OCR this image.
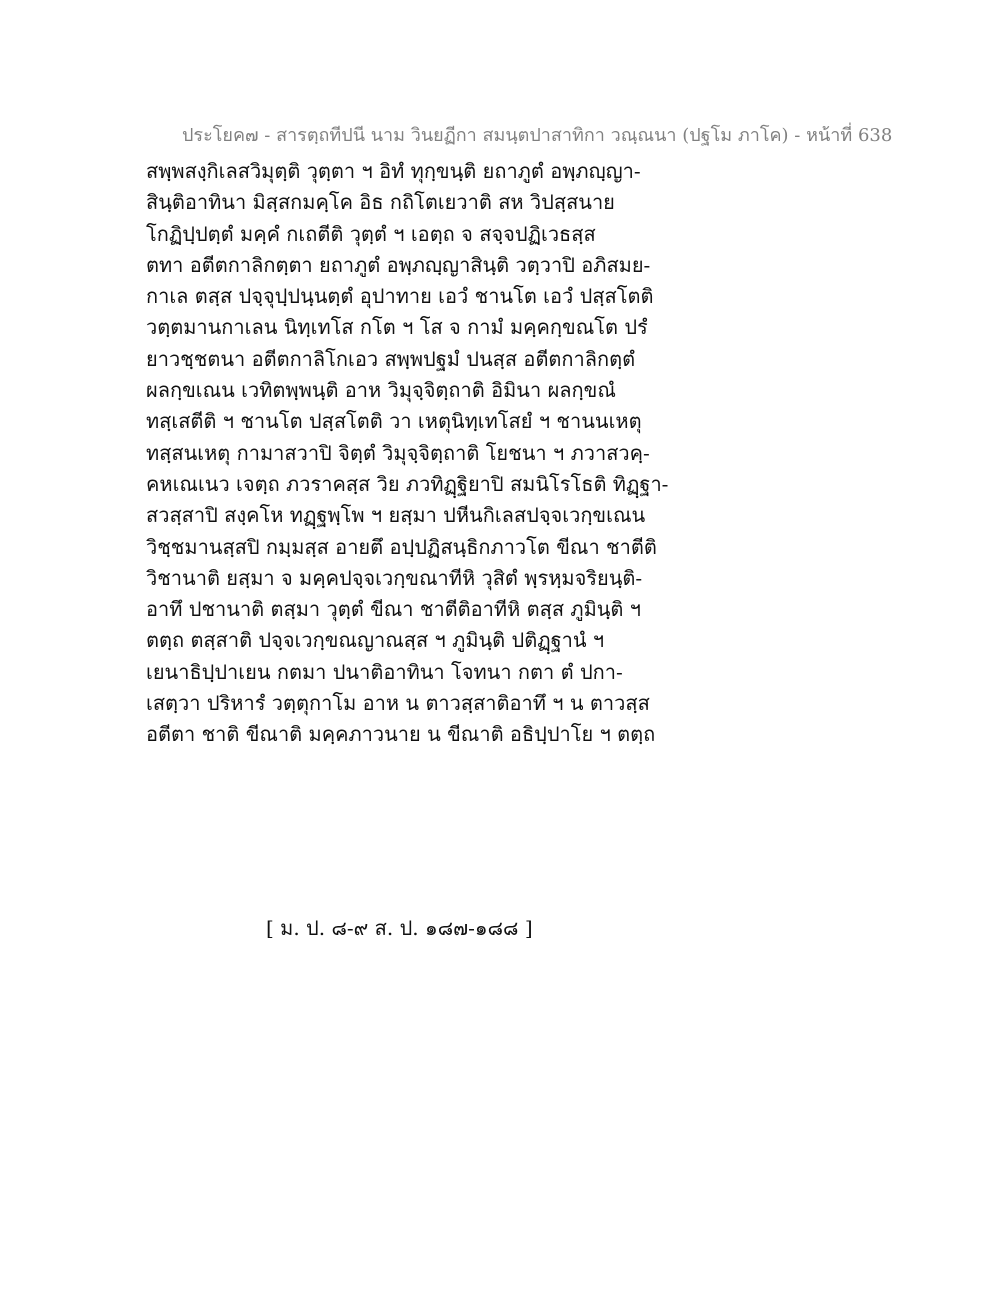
ประโยค๗ - สารตฺถทีปนี นาม วินยฏีกา สมนฺตปาสาทิกา วณฺณนา (ปฐโม ภาโค) - หน้าที่ 638
สพฺพสงฺกิเลสวิมุตฺติ วุตฺตา ฯ อิทํ ทุกฺขนฺติ ยถาภูตํ อพฺภญฺญา-
สินฺติอาทินา มิสฺสกมคฺโค อิธ กถิโตเยวาติ สห วิปสฺสนาย
โกฏิปฺปตฺตํ มคฺคํ กเถตีติ วุตฺตํ ฯ เอตฺถ จ สจฺจปฏิเวธสฺส
ตทา อตีตกาลิกตฺตา ยถาภูตํ อพฺภญฺญาสินฺติ วตฺวาปิ อภิสมย-
กาเล ตสฺส ปจฺจุปฺปนฺนตฺตํ อุปาทาย เอวํ ชานโต เอวํ ปสฺสโตติ
วตฺตมานกาเลน นิทฺเทโส กโต ฯ โส จ กามํ มคฺคกฺขณโต ปรํ
ยาวชฺชตนา อตีตกาลิโกเอว สพฺพปฐมํ ปนสฺส อตีตกาลิกตฺตํ
ผลกฺขเณน เวทิตพฺพนฺติ อาห วิมุจฺจิตฺถาติ อิมินา ผลกฺขณํ
ทสฺเสตีติ ฯ ชานโต ปสฺสโตติ วา เหตุนิทฺเทโสยํ ฯ ชานนเหตุ
ทสฺสนเหตุ กามาสวาปิ จิตฺตํ วิมุจฺจิตฺถาติ โยชนา ฯ ภวาสวคฺ-
คหเณเนว เจตฺถ ภวราคสฺส วิย ภวทิฏฺฐิยาปิ สมนิโรโธติ ทิฏฺฐา-
สวสฺสาปิ สงฺคโห ทฏฺฐพฺโพ ฯ ยสฺมา ปหีนกิเลสปจฺจเวกฺขเณน
วิชฺชมานสฺสปิ กมฺมสฺส อายตึ อปฺปฏิสนฺธิกภาวโต ขีณา ชาตีติ
วิชานาติ ยสฺมา จ มคฺคปจฺจเวกฺขณาทีหิ วุสิตํ พฺรหฺมจริยนฺติ-
อาทึ ปชานาติ ตสฺมา วุตฺตํ ขีณา ชาตีติอาทีหิ ตสฺส ภูมินฺติ ฯ
ตตฺถ ตสฺสาติ ปจฺจเวกฺขณญาณสฺส ฯ ภูมินฺติ ปติฏฺฐานํ ฯ
เยนาธิปฺปาเยน กตมา ปนาติอาทินา โจทนา กตา ตํ ปกา-
เสตฺวา ปริหารํ วตฺตุกาโม อาห น ตาวสฺสาติอาทึ ฯ น ตาวสฺส
อตีตา ชาติ ขีณาติ มคฺคภาวนาย น ขีณาติ อธิปฺปาโย ฯ ตตฺถ
[ ม. ป. ๘-๙ ส. ป. ๑๘๗-๑๘๘ ]
